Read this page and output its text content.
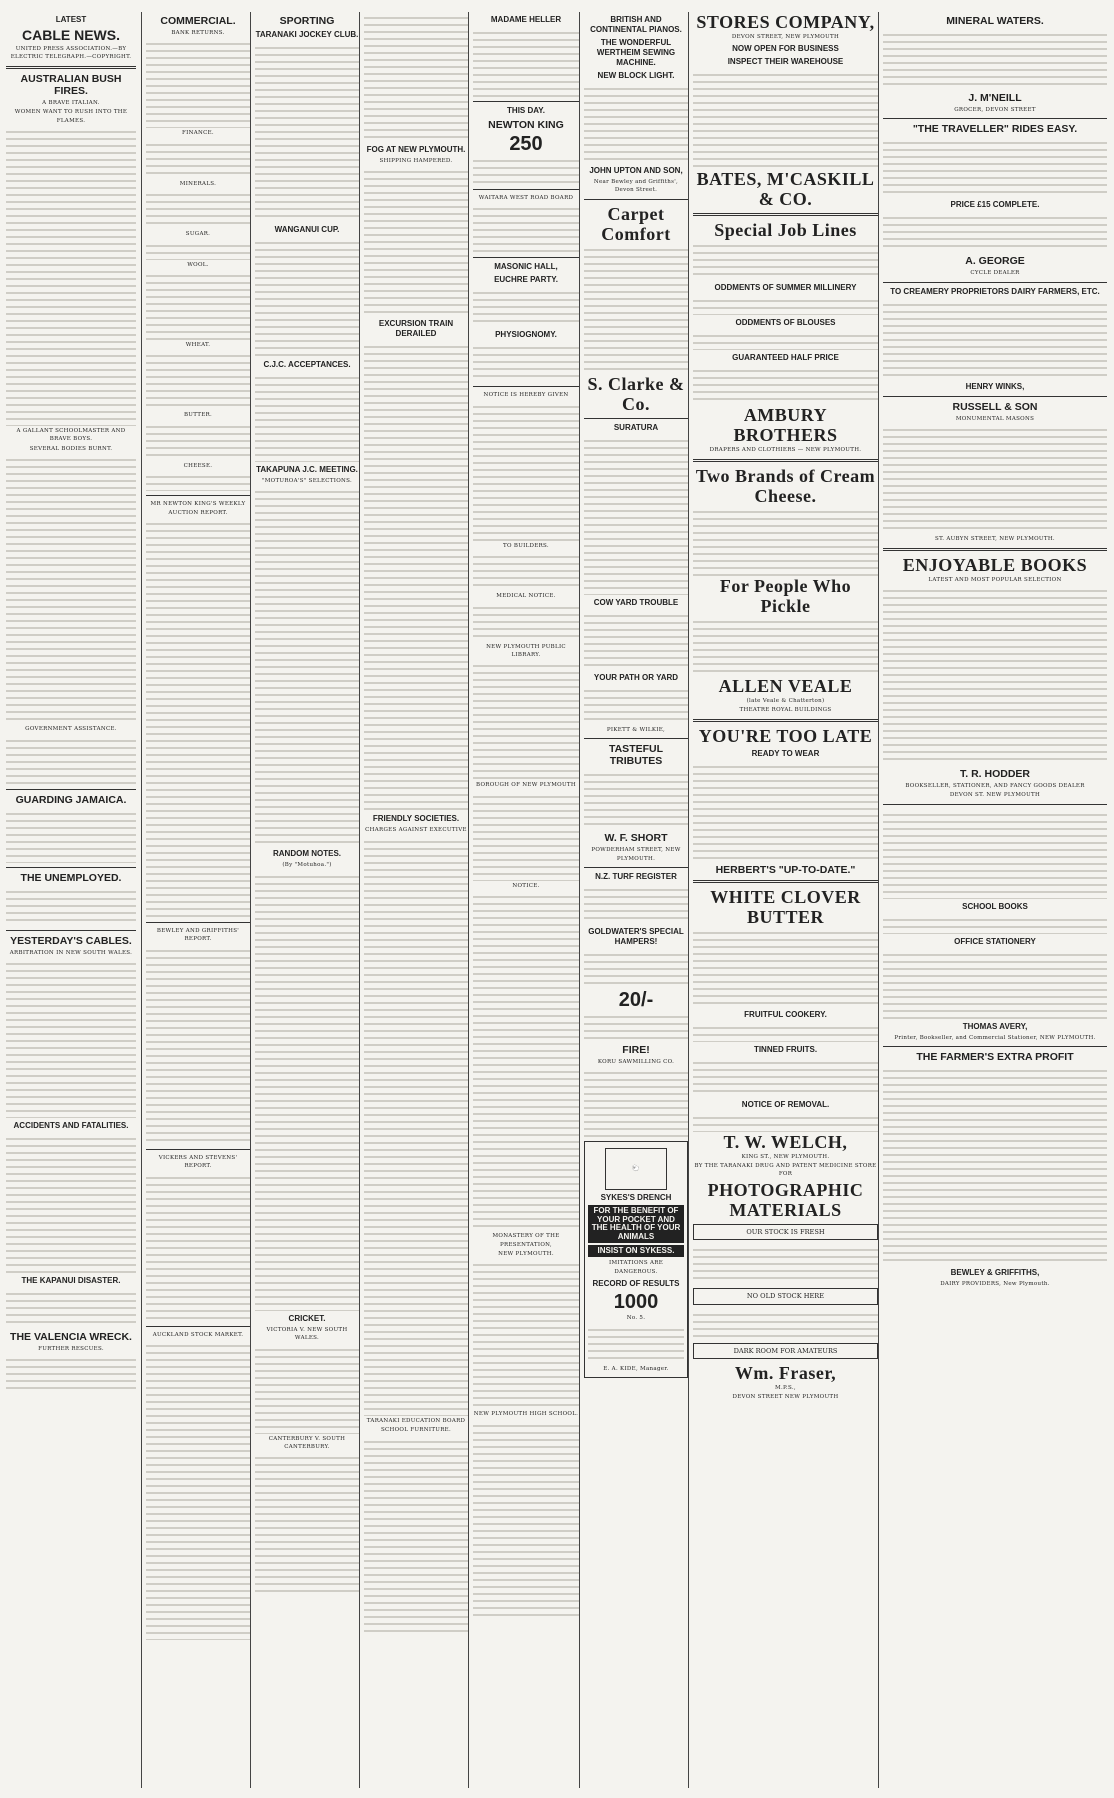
LATEST
CABLE NEWS.
UNITED PRESS ASSOCIATION.—BY ELECTRIC TELEGRAPH.—COPYRIGHT.
AUSTRALIAN BUSH FIRES.
A BRAVE ITALIAN.
WOMEN WANT TO RUSH INTO THE FLAMES.
A GALLANT SCHOOLMASTER AND BRAVE BOYS.
SEVERAL BODIES BURNT.
GOVERNMENT ASSISTANCE.
GUARDING JAMAICA.
THE UNEMPLOYED.
YESTERDAY'S CABLES.
ARBITRATION IN NEW SOUTH WALES.
ACCIDENTS AND FATALITIES.
THE KAPANUI DISASTER.
THE VALENCIA WRECK.
FURTHER RESCUES.
COMMERCIAL.
BANK RETURNS.
FINANCE.
MINERALS.
SUGAR.
WOOL.
WHEAT.
BUTTER.
CHEESE.
MR NEWTON KING'S WEEKLY AUCTION REPORT.
BEWLEY AND GRIFFITHS' REPORT.
VICKERS AND STEVENS' REPORT.
AUCKLAND STOCK MARKET.
SPORTING
TARANAKI JOCKEY CLUB.
WANGANUI CUP.
C.J.C. ACCEPTANCES.
TAKAPUNA J.C. MEETING.
"MOTUROA'S" SELECTIONS.
RANDOM NOTES.
(By "Motuhoa.")
CRICKET.
VICTORIA V. NEW SOUTH WALES.
CANTERBURY V. SOUTH CANTERBURY.
FOG AT NEW PLYMOUTH.
SHIPPING HAMPERED.
EXCURSION TRAIN DERAILED
FRIENDLY SOCIETIES.
CHARGES AGAINST EXECUTIVE
TARANAKI EDUCATION BOARD
SCHOOL FURNITURE.
MADAME HELLER
THIS DAY.
NEWTON KING
250
WAITARA WEST ROAD BOARD
MASONIC HALL,
EUCHRE PARTY.
PHYSIOGNOMY.
NOTICE IS HEREBY GIVEN
TO BUILDERS.
MEDICAL NOTICE.
NEW PLYMOUTH PUBLIC LIBRARY.
BOROUGH OF NEW PLYMOUTH
NOTICE.
MONASTERY OF THE PRESENTATION,
NEW PLYMOUTH.
NEW PLYMOUTH HIGH SCHOOL.
BRITISH AND CONTINENTAL PIANOS.
THE WONDERFUL WERTHEIM SEWING MACHINE.
NEW BLOCK LIGHT.
JOHN UPTON AND SON,
Near Bewley and Griffiths', Devon Street.
Carpet Comfort
S. Clarke & Co.
SURATURA
COW YARD TROUBLE
YOUR PATH OR YARD
PIKETT & WILKIE,
TASTEFUL TRIBUTES
W. F. SHORT
POWDERHAM STREET, NEW PLYMOUTH.
N.Z. TURF REGISTER
GOLDWATER'S SPECIAL HAMPERS!
20/-
FIRE!
KORU SAWMILLING CO.
🐑
SYKES'S DRENCH
FOR THE BENEFIT OF YOUR POCKET AND THE HEALTH OF YOUR ANIMALS
INSIST ON SYKESS.
IMITATIONS ARE DANGEROUS.
RECORD OF RESULTS
1000
No. 5.
E. A. KIDE, Manager.
STORES COMPANY,
DEVON STREET, NEW PLYMOUTH
NOW OPEN FOR BUSINESS
INSPECT THEIR WAREHOUSE
BATES, M'CASKILL & CO.
Special Job Lines
ODDMENTS OF SUMMER MILLINERY
ODDMENTS OF BLOUSES
GUARANTEED HALF PRICE
AMBURY BROTHERS
DRAPERS AND CLOTHIERS — NEW PLYMOUTH.
Two Brands of Cream Cheese.
For People Who Pickle
ALLEN VEALE
(late Veale & Chatterton)
THEATRE ROYAL BUILDINGS
YOU'RE TOO LATE
READY TO WEAR
HERBERT'S "UP-TO-DATE."
WHITE CLOVER BUTTER
FRUITFUL COOKERY.
TINNED FRUITS.
NOTICE OF REMOVAL.
T. W. WELCH,
KING ST., NEW PLYMOUTH.
BY THE TARANAKI DRUG AND PATENT MEDICINE STORE FOR
PHOTOGRAPHIC MATERIALS
OUR STOCK IS FRESH
NO OLD STOCK HERE
DARK ROOM FOR AMATEURS
Wm. Fraser,
M.P.S.,
DEVON STREET NEW PLYMOUTH
MINERAL WATERS.
J. M'NEILL
GROCER, DEVON STREET
"THE TRAVELLER" RIDES EASY.
PRICE £15 COMPLETE.
A. GEORGE
CYCLE DEALER
TO CREAMERY PROPRIETORS DAIRY FARMERS, ETC.
HENRY WINKS,
RUSSELL & SON
MONUMENTAL MASONS
ST. AUBYN STREET, NEW PLYMOUTH.
ENJOYABLE BOOKS
LATEST AND MOST POPULAR SELECTION
T. R. HODDER
BOOKSELLER, STATIONER, AND FANCY GOODS DEALER
DEVON ST. NEW PLYMOUTH
SCHOOL BOOKS
OFFICE STATIONERY
THOMAS AVERY,
Printer, Bookseller, and Commercial Stationer, NEW PLYMOUTH.
THE FARMER'S EXTRA PROFIT
BEWLEY & GRIFFITHS,
DAIRY PROVIDERS, New Plymouth.
